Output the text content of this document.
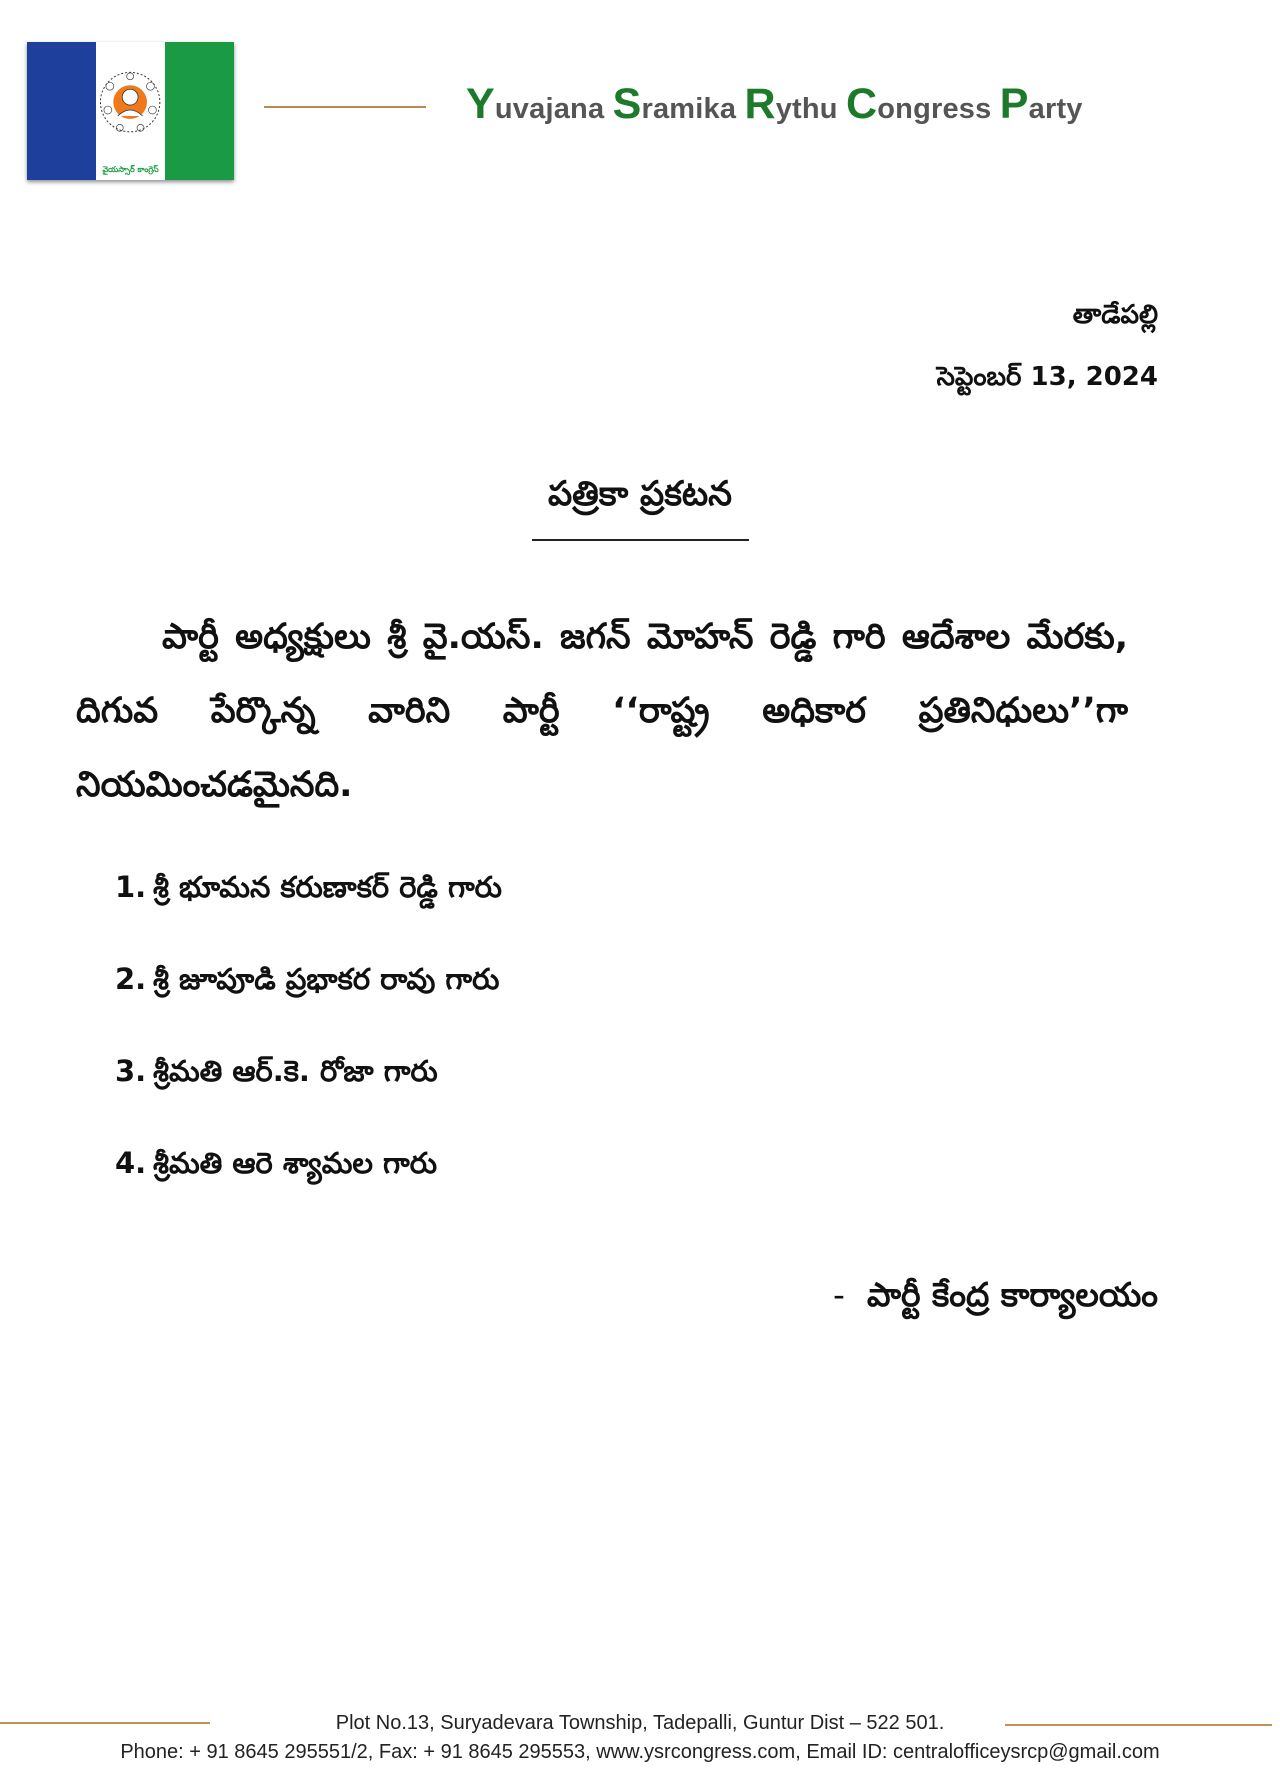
వైయస్సార్ కాంగ్రెస్
Yuvajana Sramika Rythu Congress Party
తాడేపల్లి
సెప్టెంబర్ 13, 2024
పత్రికా ప్రకటన
పార్టీ అధ్యక్షులు శ్రీ వై.యస్. జగన్ మోహన్ రెడ్డి గారి ఆదేశాల మేరకు, దిగువ పేర్కొన్న వారిని పార్టీ ‘‘రాష్ట్ర అధికార ప్రతినిధులు’’గా నియమించడమైనది.
1. శ్రీ భూమన కరుణాకర్ రెడ్డి గారు
2. శ్రీ జూపూడి ప్రభాకర రావు గారు
3. శ్రీమతి ఆర్.కె. రోజా గారు
4. శ్రీమతి ఆరె శ్యామల గారు
- పార్టీ కేంద్ర కార్యాలయం
Plot No.13, Suryadevara Township, Tadepalli, Guntur Dist – 522 501.
Phone: + 91 8645 295551/2, Fax: + 91 8645 295553, www.ysrcongress.com, Email ID: centralofficeysrcp@gmail.com
